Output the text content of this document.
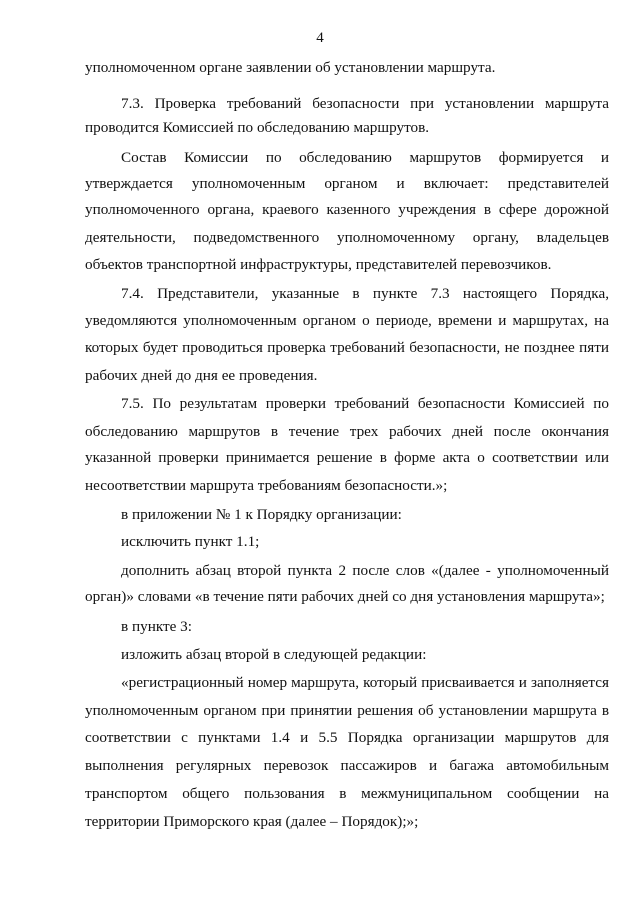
4
уполномоченном органе заявлении об установлении маршрута.
7.3. Проверка требований безопасности при установлении маршрута
проводится Комиссией по обследованию маршрутов.
Состав Комиссии по обследованию маршрутов формируется и
утверждается уполномоченным органом и включает: представителей
уполномоченного органа, краевого казенного учреждения в сфере дорожной
деятельности, подведомственного уполномоченному органу, владельцев
объектов транспортной инфраструктуры, представителей перевозчиков.
7.4. Представители, указанные в пункте 7.3 настоящего Порядка,
уведомляются уполномоченным органом о периоде, времени и маршрутах, на
которых будет проводиться проверка требований безопасности, не позднее пяти
рабочих дней до дня ее проведения.
7.5. По результатам проверки требований безопасности Комиссией по
обследованию маршрутов в течение трех рабочих дней после окончания
указанной проверки принимается решение в форме акта о соответствии или
несоответствии маршрута требованиям безопасности.»;
в приложении № 1 к Порядку организации:
исключить пункт 1.1;
дополнить абзац второй пункта 2 после слов «(далее - уполномоченный
орган)» словами «в течение пяти рабочих дней со дня установления маршрута»;
в пункте 3:
изложить абзац второй в следующей редакции:
«регистрационный номер маршрута, который присваивается и заполняется
уполномоченным органом при принятии решения об установлении маршрута в
соответствии с пунктами 1.4 и 5.5 Порядка организации маршрутов для
выполнения регулярных перевозок пассажиров и багажа автомобильным
транспортом общего пользования в межмуниципальном сообщении на
территории Приморского края (далее – Порядок);»;
